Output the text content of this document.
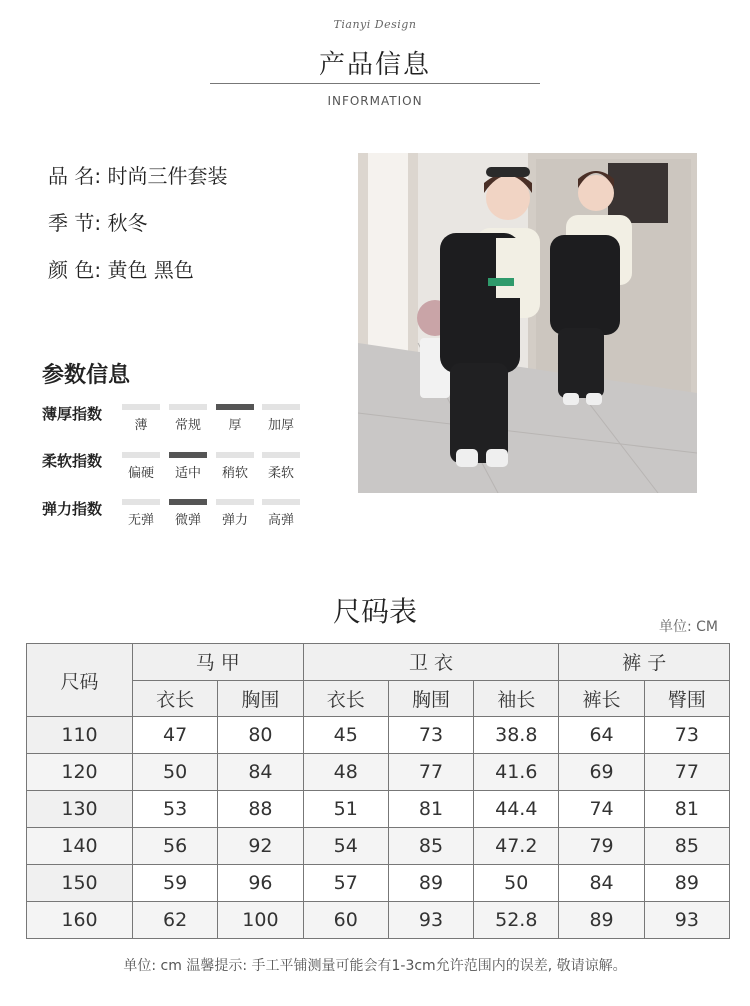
Tianyi Design
产品信息
INFORMATION
品 名: 时尚三件套装
季 节: 秋冬
颜 色: 黄色 黑色
参数信息
薄厚指数
薄	常规	厚	加厚
柔软指数
偏硬	适中	稍软	柔软
弹力指数
无弹	微弹	弹力	高弹
尺码表	单位: CM
尺码	马 甲		卫 衣			裤 子	
	衣长	胸围	衣长	胸围	袖长	裤长	臀围
110	47	80	45	73	38.8	64	73
120	50	84	48	77	41.6	69	77
130	53	88	51	81	44.4	74	81
140	56	92	54	85	47.2	79	85
150	59	96	57	89	50	84	89
160	62	100	60	93	52.8	89	93
单位: cm 温馨提示: 手工平铺测量可能会有1-3cm允许范围内的误差, 敬请谅解。
